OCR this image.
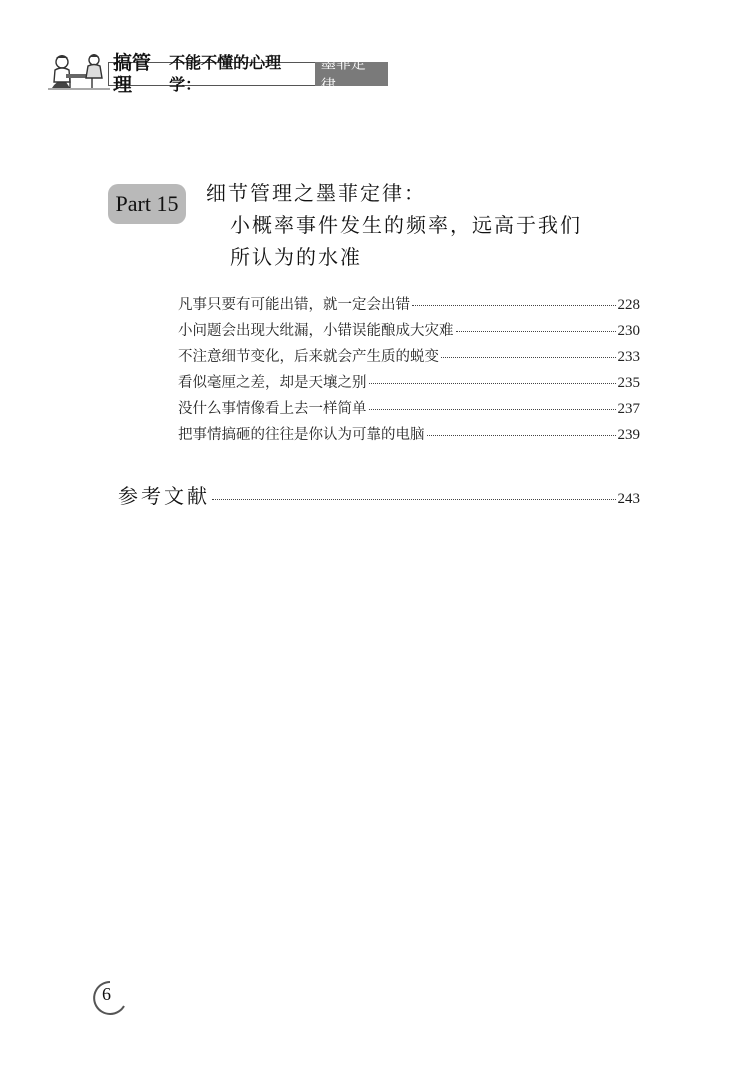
搞管理
不能不懂的心理学：
墨菲定律
Part 15	细节管理之墨菲定律：
小概率事件发生的频率，远高于我们
所认为的水准
凡事只要有可能出错，就一定会出错	228
小问题会出现大纰漏，小错误能酿成大灾难	230
不注意细节变化，后来就会产生质的蜕变	233
看似毫厘之差，却是天壤之别	235
没什么事情像看上去一样简单	237
把事情搞砸的往往是你认为可靠的电脑	239
参考文献	243
6
